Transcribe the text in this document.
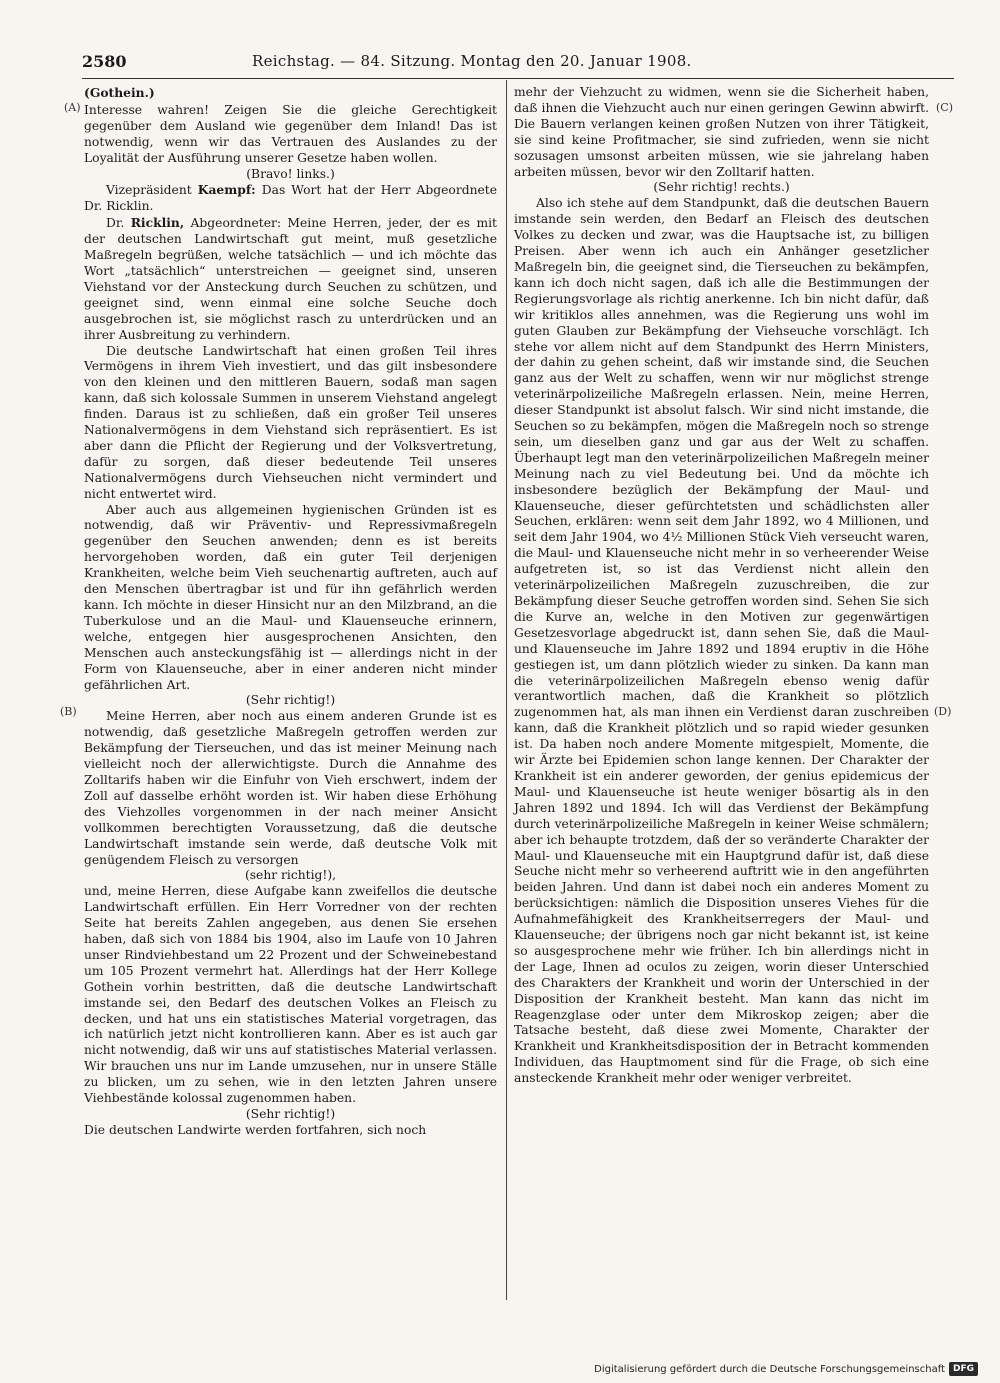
2580	Reichstag. — 84. Sitzung. Montag den 20. Januar 1908.
(A)
(B)
(C)
(D)
(Gothein.)

Interesse wahren! Zeigen Sie die gleiche Gerechtigkeit gegenüber dem Ausland wie gegenüber dem Inland! Das ist notwendig, wenn wir das Vertrauen des Auslandes zu der Loyalität der Ausführung unserer Gesetze haben wollen.

(Bravo! links.)

Vizepräsident Kaempf: Das Wort hat der Herr Abgeordnete Dr. Ricklin.

Dr. Ricklin, Abgeordneter: Meine Herren, jeder, der es mit der deutschen Landwirtschaft gut meint, muß gesetzliche Maßregeln begrüßen, welche tatsächlich — und ich möchte das Wort „tatsächlich“ unterstreichen — geeignet sind, unseren Viehstand vor der Ansteckung durch Seuchen zu schützen, und geeignet sind, wenn einmal eine solche Seuche doch ausgebrochen ist, sie möglichst rasch zu unterdrücken und an ihrer Ausbreitung zu verhindern.

Die deutsche Landwirtschaft hat einen großen Teil ihres Vermögens in ihrem Vieh investiert, und das gilt insbesondere von den kleinen und den mittleren Bauern, sodaß man sagen kann, daß sich kolossale Summen in unserem Viehstand angelegt finden. Daraus ist zu schließen, daß ein großer Teil unseres Nationalvermögens in dem Viehstand sich repräsentiert. Es ist aber dann die Pflicht der Regierung und der Volksvertretung, dafür zu sorgen, daß dieser bedeutende Teil unseres Nationalvermögens durch Viehseuchen nicht vermindert und nicht entwertet wird.

Aber auch aus allgemeinen hygienischen Gründen ist es notwendig, daß wir Präventiv- und Repressivmaßregeln gegenüber den Seuchen anwenden; denn es ist bereits hervorgehoben worden, daß ein guter Teil derjenigen Krankheiten, welche beim Vieh seuchenartig auftreten, auch auf den Menschen übertragbar ist und für ihn gefährlich werden kann. Ich möchte in dieser Hinsicht nur an den Milzbrand, an die Tuberkulose und an die Maul- und Klauenseuche erinnern, welche, entgegen hier ausgesprochenen Ansichten, den Menschen auch ansteckungsfähig ist — allerdings nicht in der Form von Klauenseuche, aber in einer anderen nicht minder gefährlichen Art.

(Sehr richtig!)

Meine Herren, aber noch aus einem anderen Grunde ist es notwendig, daß gesetzliche Maßregeln getroffen werden zur Bekämpfung der Tierseuchen, und das ist meiner Meinung nach vielleicht noch der allerwichtigste. Durch die Annahme des Zolltarifs haben wir die Einfuhr von Vieh erschwert, indem der Zoll auf dasselbe erhöht worden ist. Wir haben diese Erhöhung des Viehzolles vorgenommen in der nach meiner Ansicht vollkommen berechtigten Voraussetzung, daß die deutsche Landwirtschaft imstande sein werde, daß deutsche Volk mit genügendem Fleisch zu versorgen

(sehr richtig!),

und, meine Herren, diese Aufgabe kann zweifellos die deutsche Landwirtschaft erfüllen. Ein Herr Vorredner von der rechten Seite hat bereits Zahlen angegeben, aus denen Sie ersehen haben, daß sich von 1884 bis 1904, also im Laufe von 10 Jahren unser Rindviehbestand um 22 Prozent und der Schweinebestand um 105 Prozent vermehrt hat. Allerdings hat der Herr Kollege Gothein vorhin bestritten, daß die deutsche Landwirtschaft imstande sei, den Bedarf des deutschen Volkes an Fleisch zu decken, und hat uns ein statistisches Material vorgetragen, das ich natürlich jetzt nicht kontrollieren kann. Aber es ist auch gar nicht notwendig, daß wir uns auf statistisches Material verlassen. Wir brauchen uns nur im Lande umzusehen, nur in unsere Ställe zu blicken, um zu sehen, wie in den letzten Jahren unsere Viehbestände kolossal zugenommen haben.

(Sehr richtig!)

Die deutschen Landwirte werden fortfahren, sich noch

mehr der Viehzucht zu widmen, wenn sie die Sicherheit haben, daß ihnen die Viehzucht auch nur einen geringen Gewinn abwirft. Die Bauern verlangen keinen großen Nutzen von ihrer Tätigkeit, sie sind keine Profitmacher, sie sind zufrieden, wenn sie nicht sozusagen umsonst arbeiten müssen, wie sie jahrelang haben arbeiten müssen, bevor wir den Zolltarif hatten.

(Sehr richtig! rechts.)

Also ich stehe auf dem Standpunkt, daß die deutschen Bauern imstande sein werden, den Bedarf an Fleisch des deutschen Volkes zu decken und zwar, was die Hauptsache ist, zu billigen Preisen. Aber wenn ich auch ein Anhänger gesetzlicher Maßregeln bin, die geeignet sind, die Tierseuchen zu bekämpfen, kann ich doch nicht sagen, daß ich alle die Bestimmungen der Regierungsvorlage als richtig anerkenne. Ich bin nicht dafür, daß wir kritiklos alles annehmen, was die Regierung uns wohl im guten Glauben zur Bekämpfung der Viehseuche vorschlägt. Ich stehe vor allem nicht auf dem Standpunkt des Herrn Ministers, der dahin zu gehen scheint, daß wir imstande sind, die Seuchen ganz aus der Welt zu schaffen, wenn wir nur möglichst strenge veterinärpolizeiliche Maßregeln erlassen. Nein, meine Herren, dieser Standpunkt ist absolut falsch. Wir sind nicht imstande, die Seuchen so zu bekämpfen, mögen die Maßregeln noch so strenge sein, um dieselben ganz und gar aus der Welt zu schaffen. Überhaupt legt man den veterinärpolizeilichen Maßregeln meiner Meinung nach zu viel Bedeutung bei. Und da möchte ich insbesondere bezüglich der Bekämpfung der Maul- und Klauenseuche, dieser gefürchtetsten und schädlichsten aller Seuchen, erklären: wenn seit dem Jahr 1892, wo 4 Millionen, und seit dem Jahr 1904, wo 4½ Millionen Stück Vieh verseucht waren, die Maul- und Klauenseuche nicht mehr in so verheerender Weise aufgetreten ist, so ist das Verdienst nicht allein den veterinärpolizeilichen Maßregeln zuzuschreiben, die zur Bekämpfung dieser Seuche getroffen worden sind. Sehen Sie sich die Kurve an, welche in den Motiven zur gegenwärtigen Gesetzesvorlage abgedruckt ist, dann sehen Sie, daß die Maul- und Klauenseuche im Jahre 1892 und 1894 eruptiv in die Höhe gestiegen ist, um dann plötzlich wieder zu sinken. Da kann man die veterinärpolizeilichen Maßregeln ebenso wenig dafür verantwortlich machen, daß die Krankheit so plötzlich zugenommen hat, als man ihnen ein Verdienst daran zuschreiben kann, daß die Krankheit plötzlich und so rapid wieder gesunken ist. Da haben noch andere Momente mitgespielt, Momente, die wir Ärzte bei Epidemien schon lange kennen. Der Charakter der Krankheit ist ein anderer geworden, der genius epidemicus der Maul- und Klauenseuche ist heute weniger bösartig als in den Jahren 1892 und 1894. Ich will das Verdienst der Bekämpfung durch veterinärpolizeiliche Maßregeln in keiner Weise schmälern; aber ich behaupte trotzdem, daß der so veränderte Charakter der Maul- und Klauenseuche mit ein Hauptgrund dafür ist, daß diese Seuche nicht mehr so verheerend auftritt wie in den angeführten beiden Jahren. Und dann ist dabei noch ein anderes Moment zu berücksichtigen: nämlich die Disposition unseres Viehes für die Aufnahmefähigkeit des Krankheitserregers der Maul- und Klauenseuche; der übrigens noch gar nicht bekannt ist, ist keine so ausgesprochene mehr wie früher. Ich bin allerdings nicht in der Lage, Ihnen ad oculos zu zeigen, worin dieser Unterschied des Charakters der Krankheit und worin der Unterschied in der Disposition der Krankheit besteht. Man kann das nicht im Reagenzglase oder unter dem Mikroskop zeigen; aber die Tatsache besteht, daß diese zwei Momente, Charakter der Krankheit und Krankheitsdisposition der in Betracht kommenden Individuen, das Hauptmoment sind für die Frage, ob sich eine ansteckende Krankheit mehr oder weniger verbreitet.

Digitalisierung gefördert durch die Deutsche Forschungsgemeinschaft DFG
